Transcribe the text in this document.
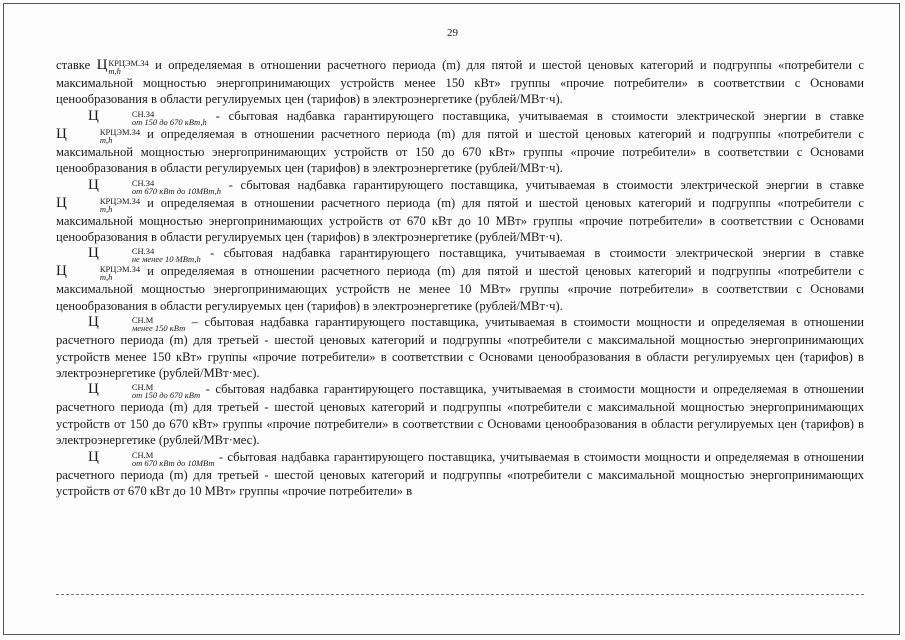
29

ставке Ц КРЦЭМ.З4
m,h	и определяемая в отношении расчетного периода (m) для пятой и шестой ценовых категорий и подгруппы «потребители с максимальной мощностью энергопринимающих устройств менее 150 кВт» группы «прочие потребители» в соответствии с Основами ценообразования в области регулируемых цен (тарифов) в электроэнергетике (рублей/МВт·ч).

Ц	СН.З4
от 150 до 670 кВт,h - сбытовая надбавка гарантирующего поставщика, учитываемая в стоимости электрической энергии в ставке Ц	КРЦЭМ.З4
m,h	и определяемая в отношении расчетного периода (m) для пятой и шестой ценовых категорий и подгруппы «потребители с максимальной мощностью энергопринимающих устройств от 150 до 670 кВт» группы «прочие потребители» в соответствии с Основами ценообразования в области регулируемых цен (тарифов) в электроэнергетике (рублей/МВт·ч).

Ц	СН.З4
от 670 кВт до 10МВт,h - сбытовая надбавка гарантирующего поставщика, учитываемая в стоимости электрической энергии в ставке Ц	КРЦЭМ.З4
m,h	и определяемая в отношении расчетного периода (m) для пятой и шестой ценовых категорий и подгруппы «потребители с максимальной мощностью энергопринимающих устройств от 670 кВт до 10 МВт» группы «прочие потребители» в соответствии с Основами ценообразования в области регулируемых цен (тарифов) в электроэнергетике (рублей/МВт·ч).

Ц	СН.З4
не менее 10 МВт,h - сбытовая надбавка гарантирующего поставщика, учитываемая в стоимости электрической энергии в ставке Ц	КРЦЭМ.З4
m,h	и определяемая в отношении расчетного периода (m) для пятой и шестой ценовых категорий и подгруппы «потребители с максимальной мощностью энергопринимающих устройств не менее 10 МВт» группы «прочие потребители» в соответствии с Основами ценообразования в области регулируемых цен (тарифов) в электроэнергетике (рублей/МВт·ч).

Ц	СН.М
менее 150 кВт – сбытовая надбавка гарантирующего поставщика, учитываемая в стоимости мощности и определяемая в отношении расчетного периода (m) для третьей - шестой ценовых категорий и подгруппы «потребители с максимальной мощностью энергопринимающих устройств менее 150 кВт» группы «прочие потребители» в соответствии с Основами ценообразования в области регулируемых цен (тарифов) в электроэнергетике (рублей/МВт·мес).

Ц	СН.М
от 150 до 670 кВт - сбытовая надбавка гарантирующего поставщика, учитываемая в стоимости мощности и определяемая в отношении расчетного периода (m) для третьей - шестой ценовых категорий и подгруппы «потребители с максимальной мощностью энергопринимающих устройств от 150 до 670 кВт» группы «прочие потребители» в соответствии с Основами ценообразования в области регулируемых цен (тарифов) в электроэнергетике (рублей/МВт·мес).

Ц	СН.М
от 670 кВт до 10МВт - сбытовая надбавка гарантирующего поставщика, учитываемая в стоимости мощности и определяемая в отношении расчетного периода (m) для третьей - шестой ценовых категорий и подгруппы «потребители с максимальной мощностью энергопринимающих устройств от 670 кВт до 10 МВт» группы «прочие потребители» в
